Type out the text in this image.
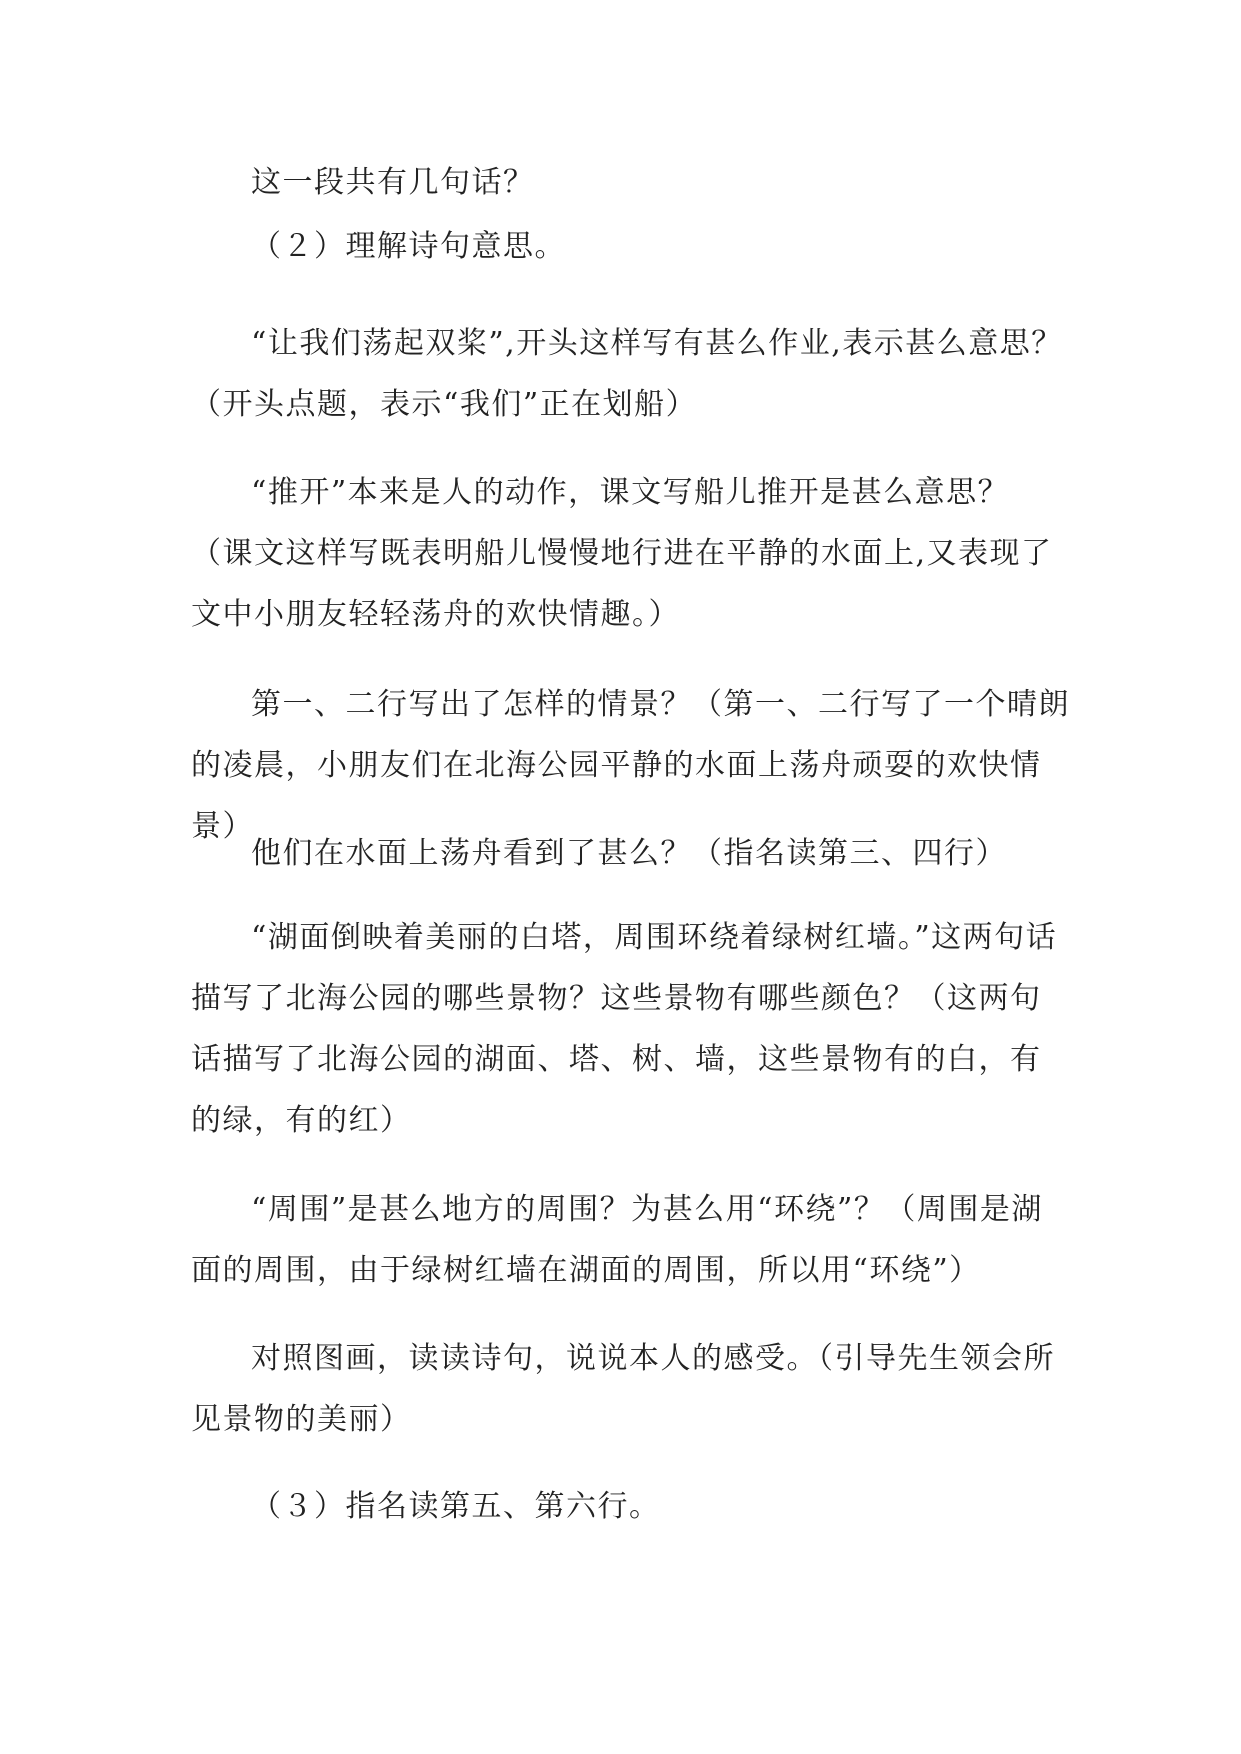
这一段共有几句话？

（２）理解诗句意思。

“让我们荡起双桨”,开头这样写有甚么作业,表示甚么意思？（开头点题，表示“我们”正在划船）

“推开”本来是人的动作，课文写船儿推开是甚么意思？（课文这样写既表明船儿慢慢地行进在平静的水面上,又表现了文中小朋友轻轻荡舟的欢快情趣。）

第一、二行写出了怎样的情景？（第一、二行写了一个晴朗的凌晨，小朋友们在北海公园平静的水面上荡舟顽耍的欢快情景）

他们在水面上荡舟看到了甚么？（指名读第三、四行）

“湖面倒映着美丽的白塔，周围环绕着绿树红墙。”这两句话描写了北海公园的哪些景物？这些景物有哪些颜色？（这两句话描写了北海公园的湖面、塔、树、墙，这些景物有的白，有的绿，有的红）

“周围”是甚么地方的周围？为甚么用“环绕”？（周围是湖面的周围，由于绿树红墙在湖面的周围，所以用“环绕”）

对照图画，读读诗句，说说本人的感受。（引导先生领会所见景物的美丽）

（３）指名读第五、第六行。
